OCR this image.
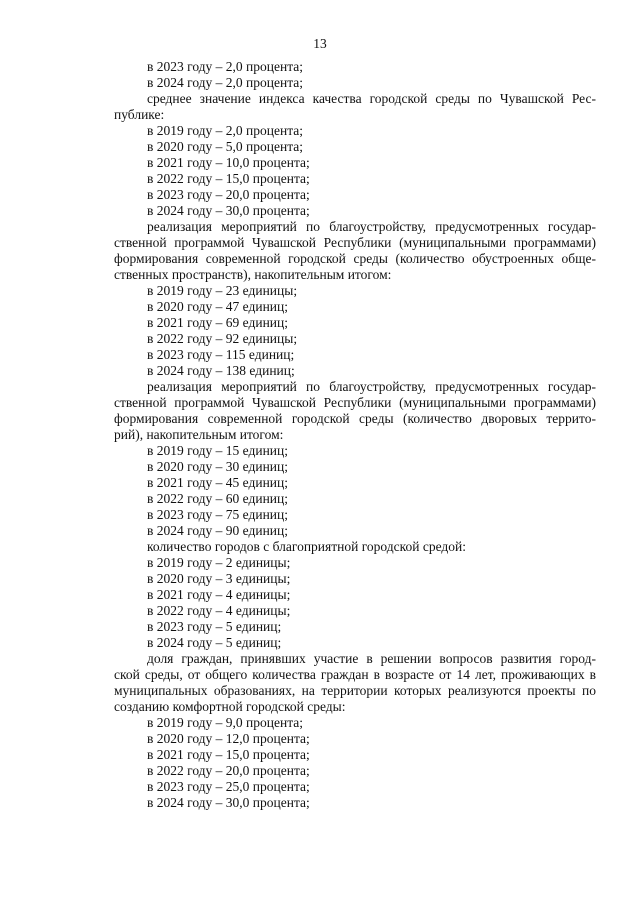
13
в 2023 году – 2,0 процента;
в 2024 году – 2,0 процента;
среднее значение индекса качества городской среды по Чувашской Рес-
публике:
в 2019 году – 2,0 процента;
в 2020 году – 5,0 процента;
в 2021 году – 10,0 процента;
в 2022 году – 15,0 процента;
в 2023 году – 20,0 процента;
в 2024 году – 30,0 процента;
реализация мероприятий по благоустройству, предусмотренных государ-
ственной программой Чувашской Республики (муниципальными программами)
формирования современной городской среды (количество обустроенных обще-
ственных пространств), накопительным итогом:
в 2019 году – 23 единицы;
в 2020 году – 47 единиц;
в 2021 году – 69 единиц;
в 2022 году – 92 единицы;
в 2023 году – 115 единиц;
в 2024 году – 138 единиц;
реализация мероприятий по благоустройству, предусмотренных государ-
ственной программой Чувашской Республики (муниципальными программами)
формирования современной городской среды (количество дворовых террито-
рий), накопительным итогом:
в 2019 году – 15 единиц;
в 2020 году – 30 единиц;
в 2021 году – 45 единиц;
в 2022 году – 60 единиц;
в 2023 году – 75 единиц;
в 2024 году – 90 единиц;
количество городов с благоприятной городской средой:
в 2019 году – 2 единицы;
в 2020 году – 3 единицы;
в 2021 году – 4 единицы;
в 2022 году – 4 единицы;
в 2023 году – 5 единиц;
в 2024 году – 5 единиц;
доля граждан, принявших участие в решении вопросов развития город-
ской среды, от общего количества граждан в возрасте от 14 лет, проживающих в
муниципальных образованиях, на территории которых реализуются проекты по
созданию комфортной городской среды:
в 2019 году – 9,0 процента;
в 2020 году – 12,0 процента;
в 2021 году – 15,0 процента;
в 2022 году – 20,0 процента;
в 2023 году – 25,0 процента;
в 2024 году – 30,0 процента;
